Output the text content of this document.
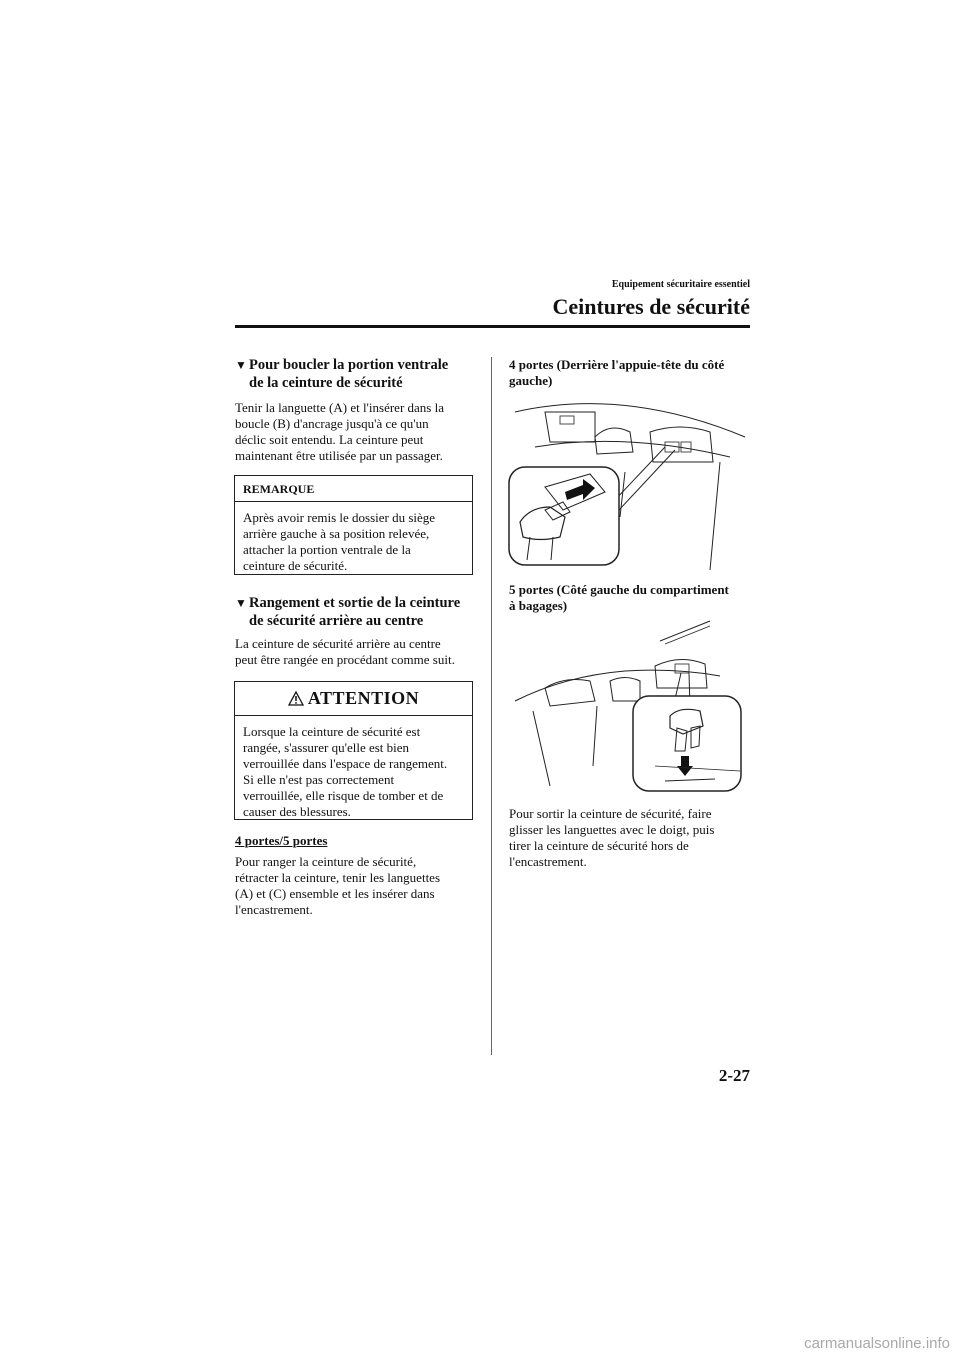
Equipement sécuritaire essentiel
Ceintures de sécurité
▼ Pour boucler la portion ventrale
de la ceinture de sécurité
Tenir la languette (A) et l'insérer dans la
boucle (B) d'ancrage jusqu'à ce qu'un
déclic soit entendu. La ceinture peut
maintenant être utilisée par un passager.
REMARQUE
Après avoir remis le dossier du siège
arrière gauche à sa position relevée,
attacher la portion ventrale de la
ceinture de sécurité.
▼ Rangement et sortie de la ceinture
de sécurité arrière au centre
La ceinture de sécurité arrière au centre
peut être rangée en procédant comme suit.
ATTENTION
Lorsque la ceinture de sécurité est
rangée, s'assurer qu'elle est bien
verrouillée dans l'espace de rangement.
Si elle n'est pas correctement
verrouillée, elle risque de tomber et de
causer des blessures.
4 portes/5 portes
Pour ranger la ceinture de sécurité,
rétracter la ceinture, tenir les languettes
(A) et (C) ensemble et les insérer dans
l'encastrement.
4 portes (Derrière l'appuie-tête du côté
gauche)
5 portes (Côté gauche du compartiment
à bagages)
Pour sortir la ceinture de sécurité, faire
glisser les languettes avec le doigt, puis
tirer la ceinture de sécurité hors de
l'encastrement.
2-27
carmanualsonline.info
